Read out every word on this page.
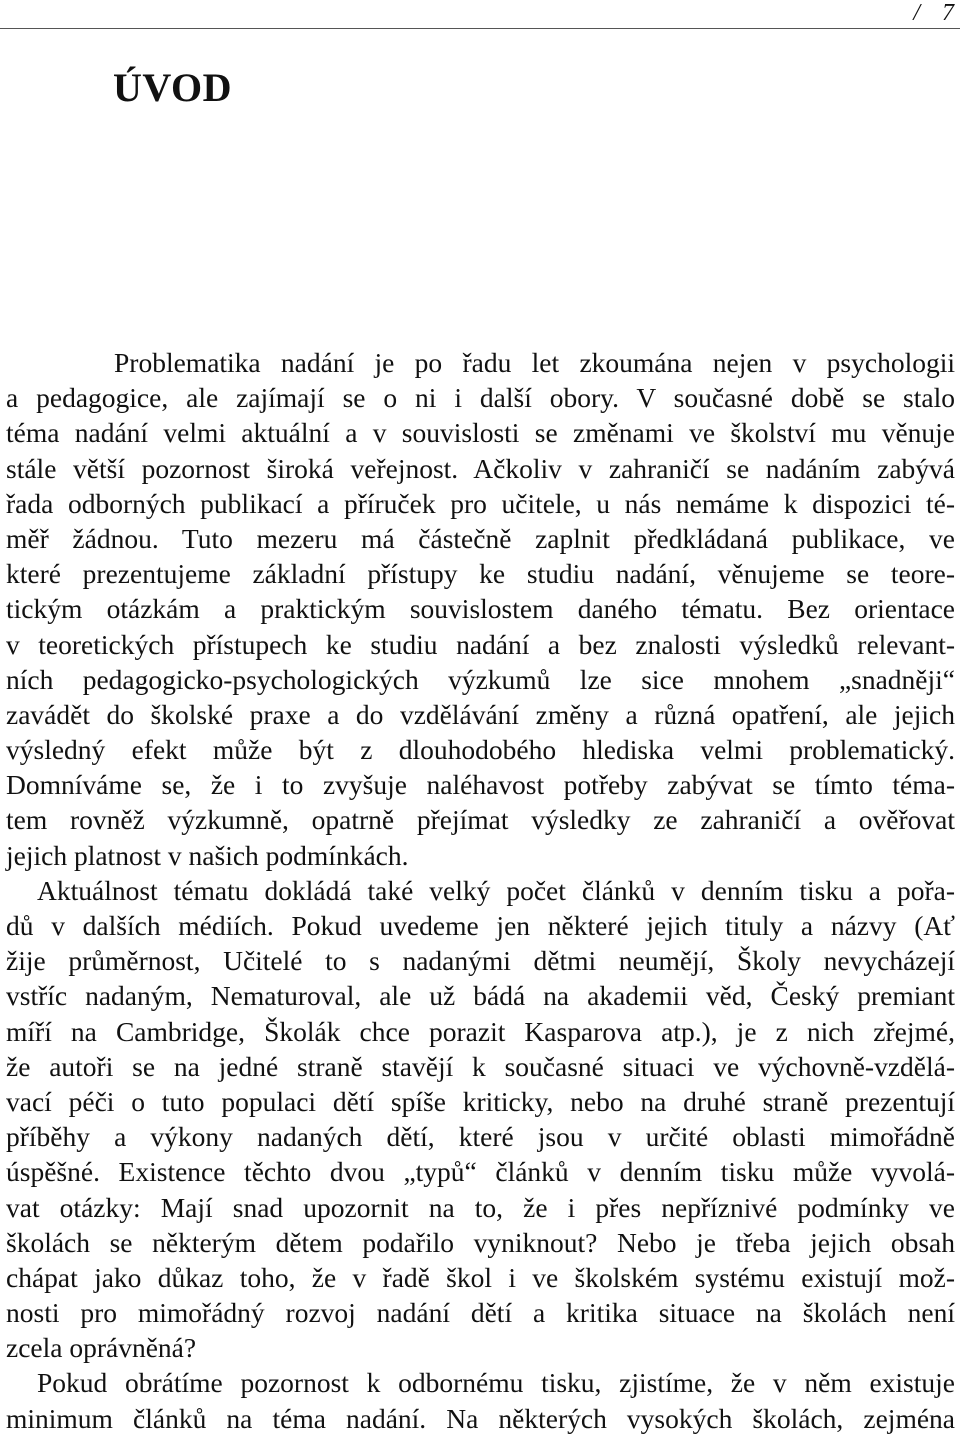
/ 7
ÚVOD
Problematika nadání je po řadu let zkoumána nejen v psychologii
a pedagogice, ale zajímají se o ni i další obory. V současné době se stalo
téma nadání velmi aktuální a v souvislosti se změnami ve školství mu věnuje
stále větší pozornost široká veřejnost. Ačkoliv v zahraničí se nadáním zabývá
řada odborných publikací a příruček pro učitele, u nás nemáme k dispozici té-
měř žádnou. Tuto mezeru má částečně zaplnit předkládaná publikace, ve
které prezentujeme základní přístupy ke studiu nadání, věnujeme se teore-
tickým otázkám a praktickým souvislostem daného tématu. Bez orientace
v teoretických přístupech ke studiu nadání a bez znalosti výsledků relevant-
ních pedagogicko-psychologických výzkumů lze sice mnohem „snadněji“
zavádět do školské praxe a do vzdělávání změny a různá opatření, ale jejich
výsledný efekt může být z dlouhodobého hlediska velmi problematický.
Domníváme se, že i to zvyšuje naléhavost potřeby zabývat se tímto téma-
tem rovněž výzkumně, opatrně přejímat výsledky ze zahraničí a ověřovat
jejich platnost v našich podmínkách.
Aktuálnost tématu dokládá také velký počet článků v denním tisku a pořa-
dů v dalších médiích. Pokud uvedeme jen některé jejich tituly a názvy (Ať
žije průměrnost, Učitelé to s nadanými dětmi neumějí, Školy nevycházejí
vstříc nadaným, Nematuroval, ale už bádá na akademii věd, Český premiant
míří na Cambridge, Školák chce porazit Kasparova atp.), je z nich zřejmé,
že autoři se na jedné straně stavějí k současné situaci ve výchovně-vzdělá-
vací péči o tuto populaci dětí spíše kriticky, nebo na druhé straně prezentují
příběhy a výkony nadaných dětí, které jsou v určité oblasti mimořádně
úspěšné. Existence těchto dvou „typů“ článků v denním tisku může vyvolá-
vat otázky: Mají snad upozornit na to, že i přes nepříznivé podmínky ve
školách se některým dětem podařilo vyniknout? Nebo je třeba jejich obsah
chápat jako důkaz toho, že v řadě škol i ve školském systému existují mož-
nosti pro mimořádný rozvoj nadání dětí a kritika situace na školách není
zcela oprávněná?
Pokud obrátíme pozornost k odbornému tisku, zjistíme, že v něm existuje
minimum článků na téma nadání. Na některých vysokých školách, zejména
